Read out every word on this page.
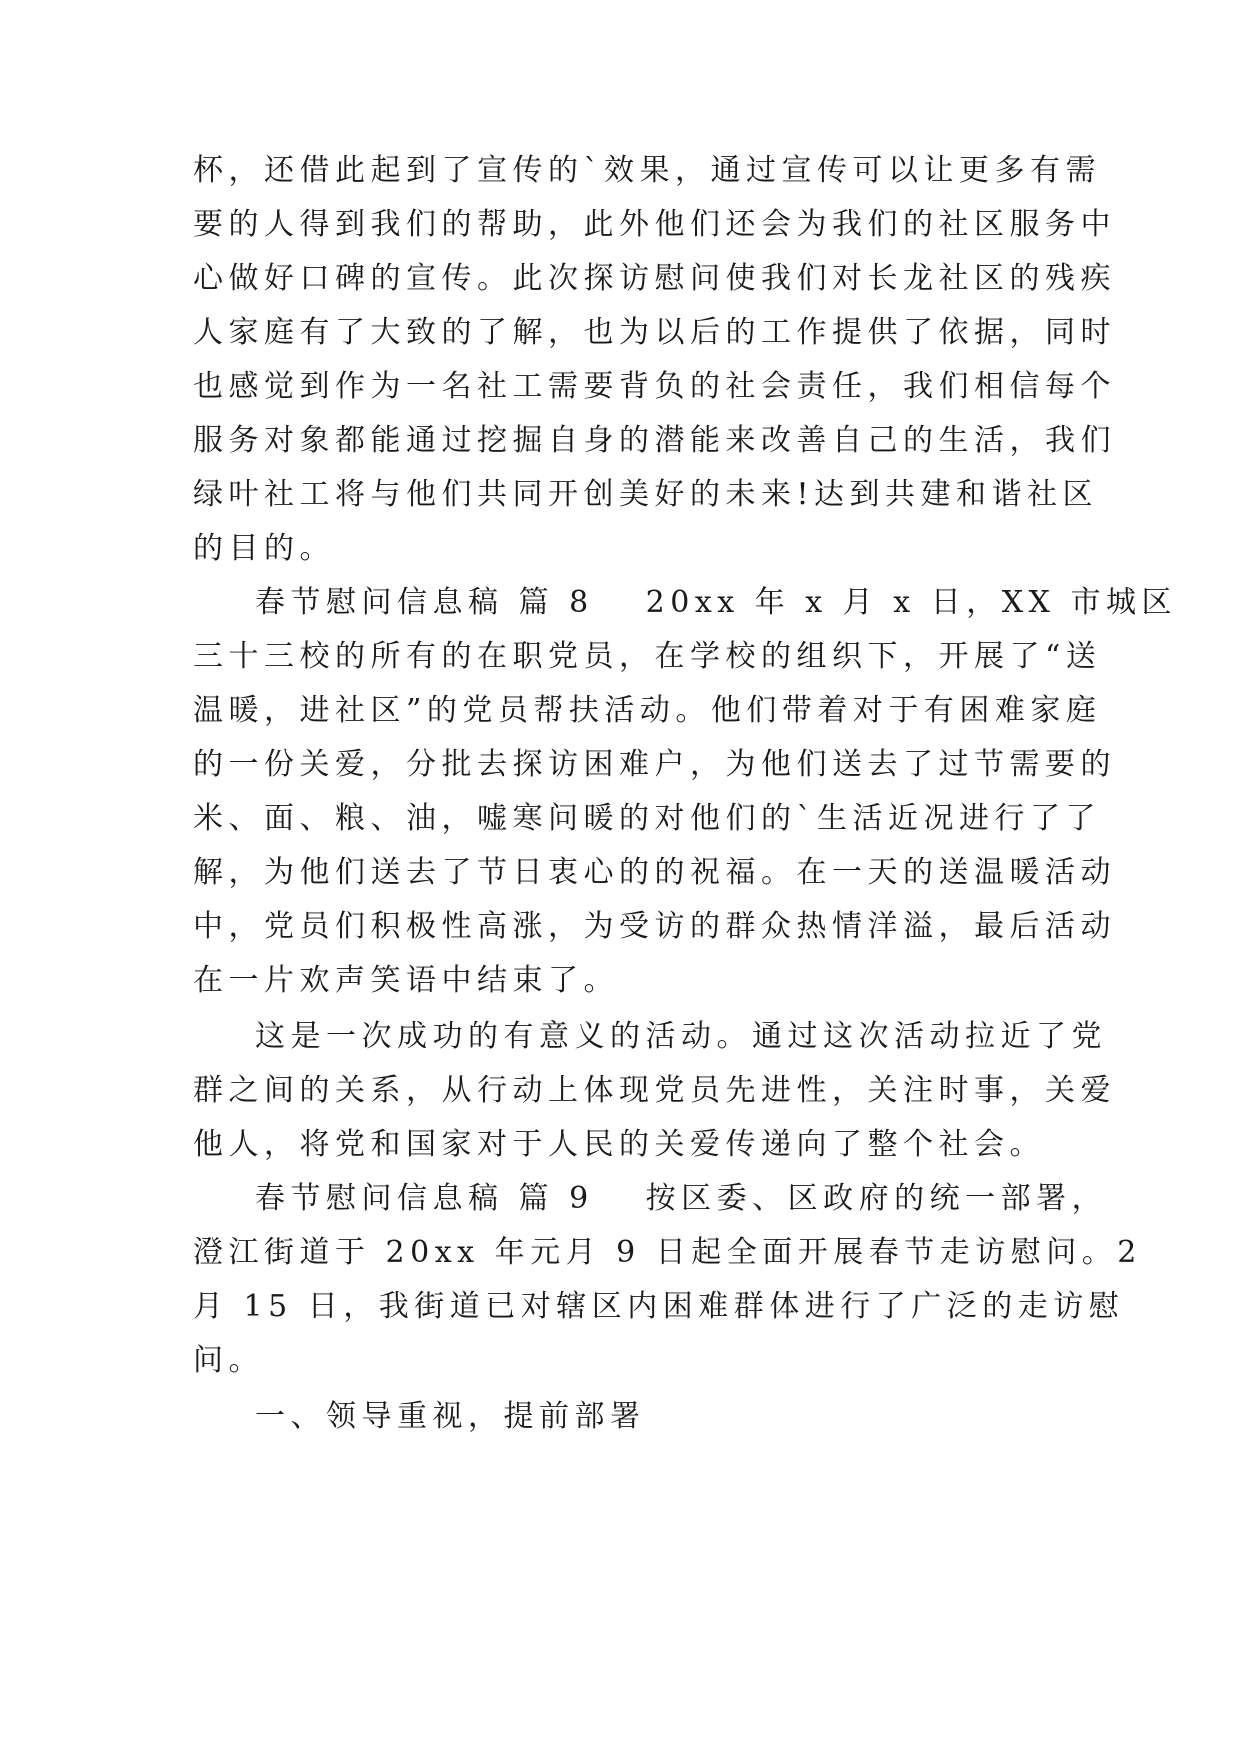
杯，还借此起到了宣传的`效果，通过宣传可以让更多有需
要的人得到我们的帮助，此外他们还会为我们的社区服务中
心做好口碑的宣传。此次探访慰问使我们对长龙社区的残疾
人家庭有了大致的了解，也为以后的工作提供了依据，同时
也感觉到作为一名社工需要背负的社会责任，我们相信每个
服务对象都能通过挖掘自身的潜能来改善自己的生活，我们
绿叶社工将与他们共同开创美好的未来!达到共建和谐社区
的目的。
春节慰问信息稿 篇 8 20xx 年 x 月 x 日，XX 市城区
三十三校的所有的在职党员，在学校的组织下，开展了“送
温暖，进社区”的党员帮扶活动。他们带着对于有困难家庭
的一份关爱，分批去探访困难户，为他们送去了过节需要的
米、面、粮、油，嘘寒问暖的对他们的`生活近况进行了了
解，为他们送去了节日衷心的的祝福。在一天的送温暖活动
中，党员们积极性高涨，为受访的群众热情洋溢，最后活动
在一片欢声笑语中结束了。
这是一次成功的有意义的活动。通过这次活动拉近了党
群之间的关系，从行动上体现党员先进性，关注时事，关爱
他人，将党和国家对于人民的关爱传递向了整个社会。
春节慰问信息稿 篇 9 按区委、区政府的统一部署，
澄江街道于 20xx 年元月 9 日起全面开展春节走访慰问。2
月 15 日，我街道已对辖区内困难群体进行了广泛的走访慰
问。
一、领导重视，提前部署
